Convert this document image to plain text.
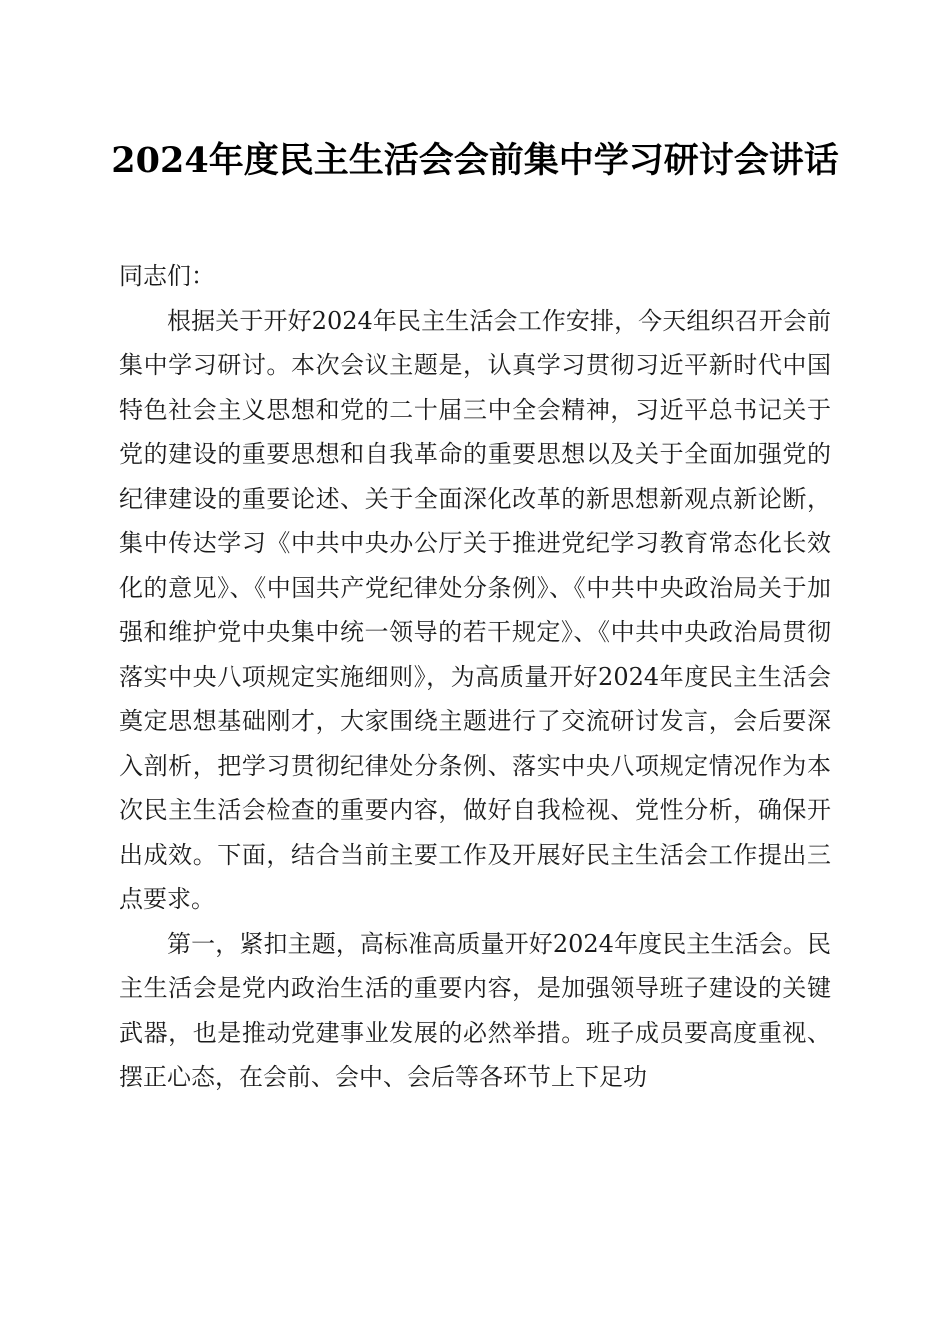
2024年度民主生活会会前集中学习研讨会讲话

同志们：

根据关于开好2024年民主生活会工作安排，今天组织召开会前集中学习研讨。本次会议主题是，认真学习贯彻习近平新时代中国特色社会主义思想和党的二十届三中全会精神，习近平总书记关于党的建设的重要思想和自我革命的重要思想以及关于全面加强党的纪律建设的重要论述、关于全面深化改革的新思想新观点新论断，集中传达学习《中共中央办公厅关于推进党纪学习教育常态化长效化的意见》、《中国共产党纪律处分条例》、《中共中央政治局关于加强和维护党中央集中统一领导的若干规定》、《中共中央政治局贯彻落实中央八项规定实施细则》，为高质量开好2024年度民主生活会奠定思想基础刚才，大家围绕主题进行了交流研讨发言，会后要深入剖析，把学习贯彻纪律处分条例、落实中央八项规定情况作为本次民主生活会检查的重要内容，做好自我检视、党性分析，确保开出成效。下面，结合当前主要工作及开展好民主生活会工作提出三点要求。

第一，紧扣主题，高标准高质量开好2024年度民主生活会。民主生活会是党内政治生活的重要内容，是加强领导班子建设的关键武器，也是推动党建事业发展的必然举措。班子成员要高度重视、摆正心态，在会前、会中、会后等各环节上下足功
